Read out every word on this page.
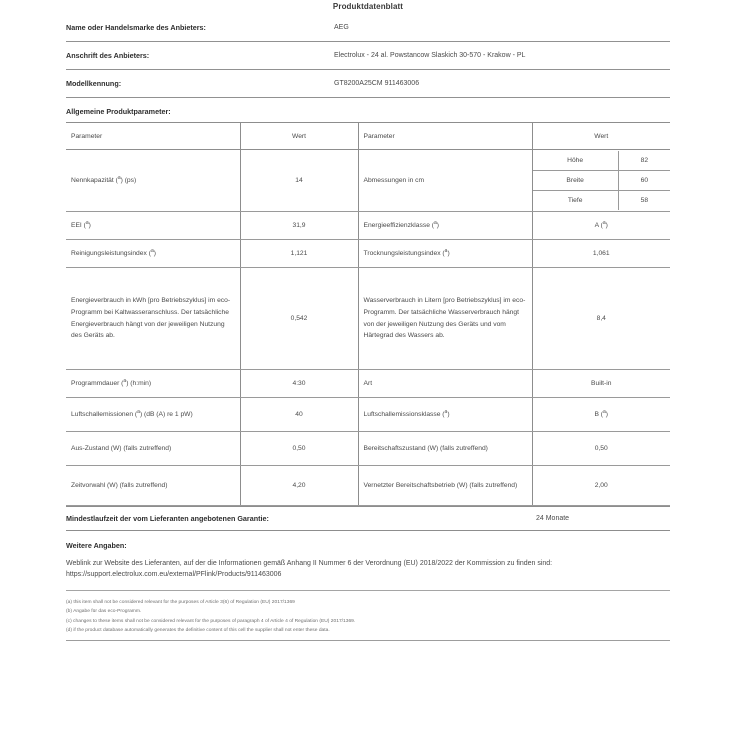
Produktdatenblatt
Name oder Handelsmarke des Anbieters:	AEG
Anschrift des Anbieters:	Electrolux - 24 al. Powstancow Slaskich 30-570 - Krakow - PL
Modellkennung:	GT8200A25CM 911463006
Allgemeine Produktparameter:
Parameter	Wert	Parameter	Wert
Nennkapazität ($^a$) (ps)	14	Abmessungen in cm	
Höhe	82
Breite	60
Tiefe	58

EEI ($^a$)	31,9	Energieeffizienzklasse ($^a$)	A ($^a$)
Reinigungsleistungsindex ($^a$)	1,121	Trocknungsleistungsindex ($^a$)	1,061
Energieverbrauch in kWh [pro Betriebszyklus] im eco-Programm bei Kaltwasseranschluss. Der tatsächliche Energieverbrauch hängt von der jeweiligen Nutzung des Geräts ab.	0,542	Wasserverbrauch in Litern [pro Betriebszyklus] im eco-Programm. Der tatsächliche Wasserverbrauch hängt von der jeweiligen Nutzung des Geräts und vom Härtegrad des Wassers ab.	8,4
Programmdauer ($^a$) (h:min)	4:30	Art	Built-in
Luftschallemissionen ($^a$) (dB (A) re 1 pW)	40	Luftschallemissionsklasse ($^a$)	B ($^a$)
Aus-Zustand (W) (falls zutreffend)	0,50	Bereitschaftszustand (W) (falls zutreffend)	0,50
Zeitvorwahl (W) (falls zutreffend)	4,20	Vernetzter Bereitschaftsbetrieb (W) (falls zutreffend)	2,00
Mindestlaufzeit der vom Lieferanten angebotenen Garantie:	24 Monate
Weitere Angaben:
Weblink zur Website des Lieferanten, auf der die Informationen gemäß Anhang II Nummer 6 der Verordnung (EU) 2018/2022 der Kommission zu finden sind: https://support.electrolux.com.eu/external/PFlink/Products/911463006
(a) this item shall not be considered relevant for the purposes of Article 3(6) of Regulation (EU) 2017/1369
(b) Angabe für das eco-Programm.
(c) changes to these items shall not be considered relevant for the purposes of paragraph 4 of Article 4 of Regulation (EU) 2017/1369.
(d) if the product database automatically generates the definitive content of this cell the supplier shall not enter these data.
